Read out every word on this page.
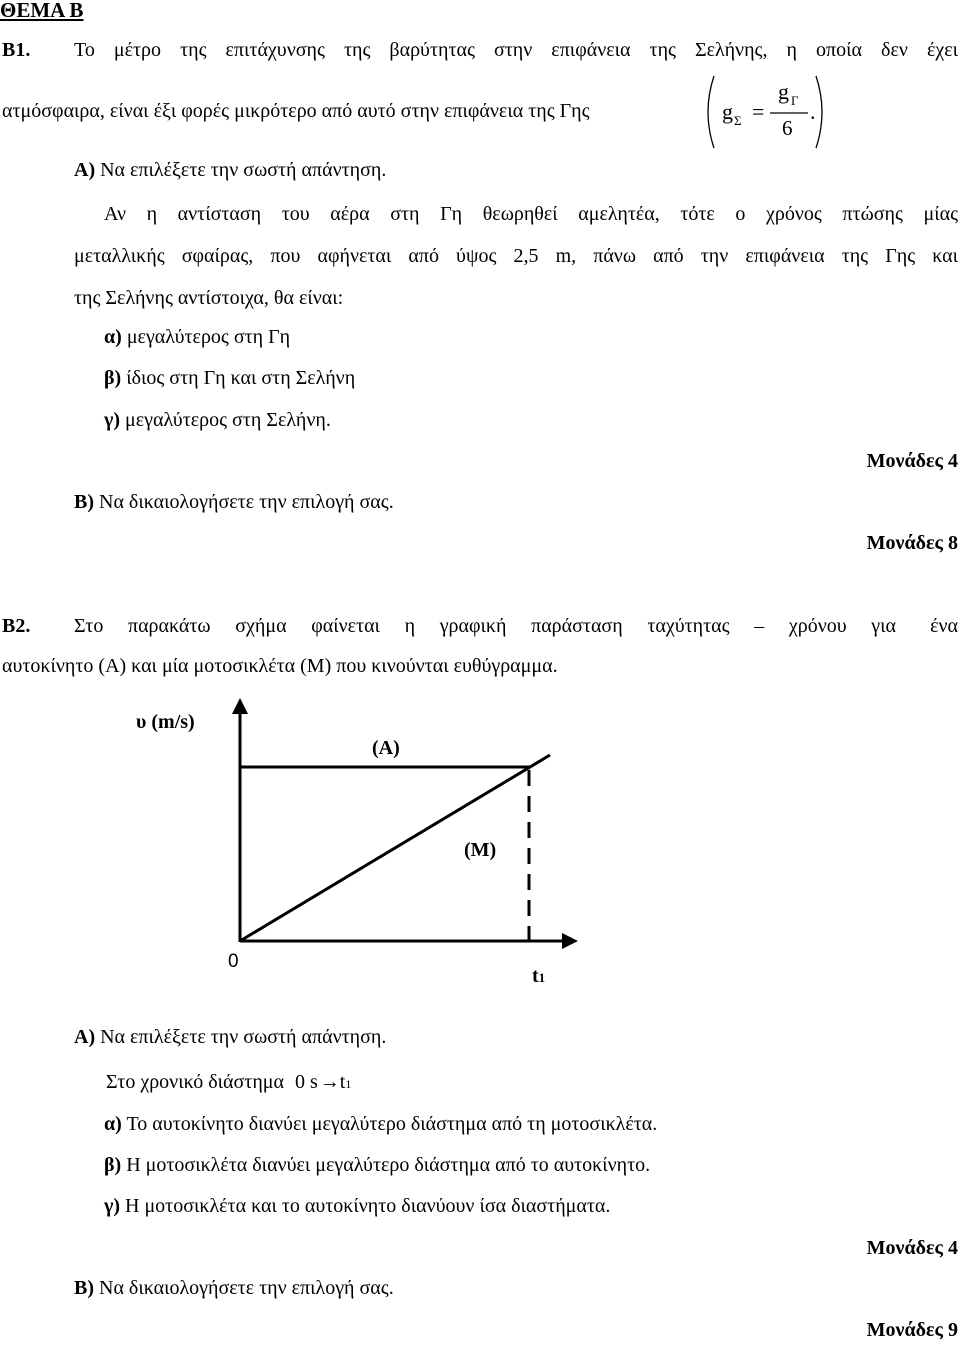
ΘΕΜΑ Β
Β1. Το μέτρο της επιτάχυνσης της βαρύτητας στην επιφάνεια της Σελήνης, η οποία δεν έχει
ατμόσφαιρα, είναι έξι φορές μικρότερο από αυτό στην επιφάνεια της Γης	g Σ =
g Γ
6
.
Α) Να επιλέξετε την σωστή απάντηση.
Αν η αντίσταση του αέρα στη Γη θεωρηθεί αμελητέα, τότε ο χρόνος πτώσης μίας
μεταλλικής σφαίρας, που αφήνεται από ύψος 2,5 m, πάνω από την επιφάνεια της Γης και
της Σελήνης αντίστοιχα, θα είναι:
α) μεγαλύτερος στη Γη
β) ίδιος στη Γη και στη Σελήνη
γ) μεγαλύτερος στη Σελήνη.
Μονάδες 4
Β) Να δικαιολογήσετε την επιλογή σας.
Μονάδες 8
Β2. Στο παρακάτω σχήμα φαίνεται η γραφική παράσταση ταχύτητας – χρόνου για ένα
αυτοκίνητο (Α) και μία μοτοσικλέτα (Μ) που κινούνται ευθύγραμμα.
υ (m/s)
(Α)
(Μ)
0
t1
Α) Να επιλέξετε την σωστή απάντηση.
Στο χρονικό διάστημα 0 s →t1
α) Το αυτοκίνητο διανύει μεγαλύτερο διάστημα από τη μοτοσικλέτα.
β) Η μοτοσικλέτα διανύει μεγαλύτερο διάστημα από το αυτοκίνητο.
γ) Η μοτοσικλέτα και το αυτοκίνητο διανύουν ίσα διαστήματα.
Μονάδες 4
Β) Να δικαιολογήσετε την επιλογή σας.
Μονάδες 9
